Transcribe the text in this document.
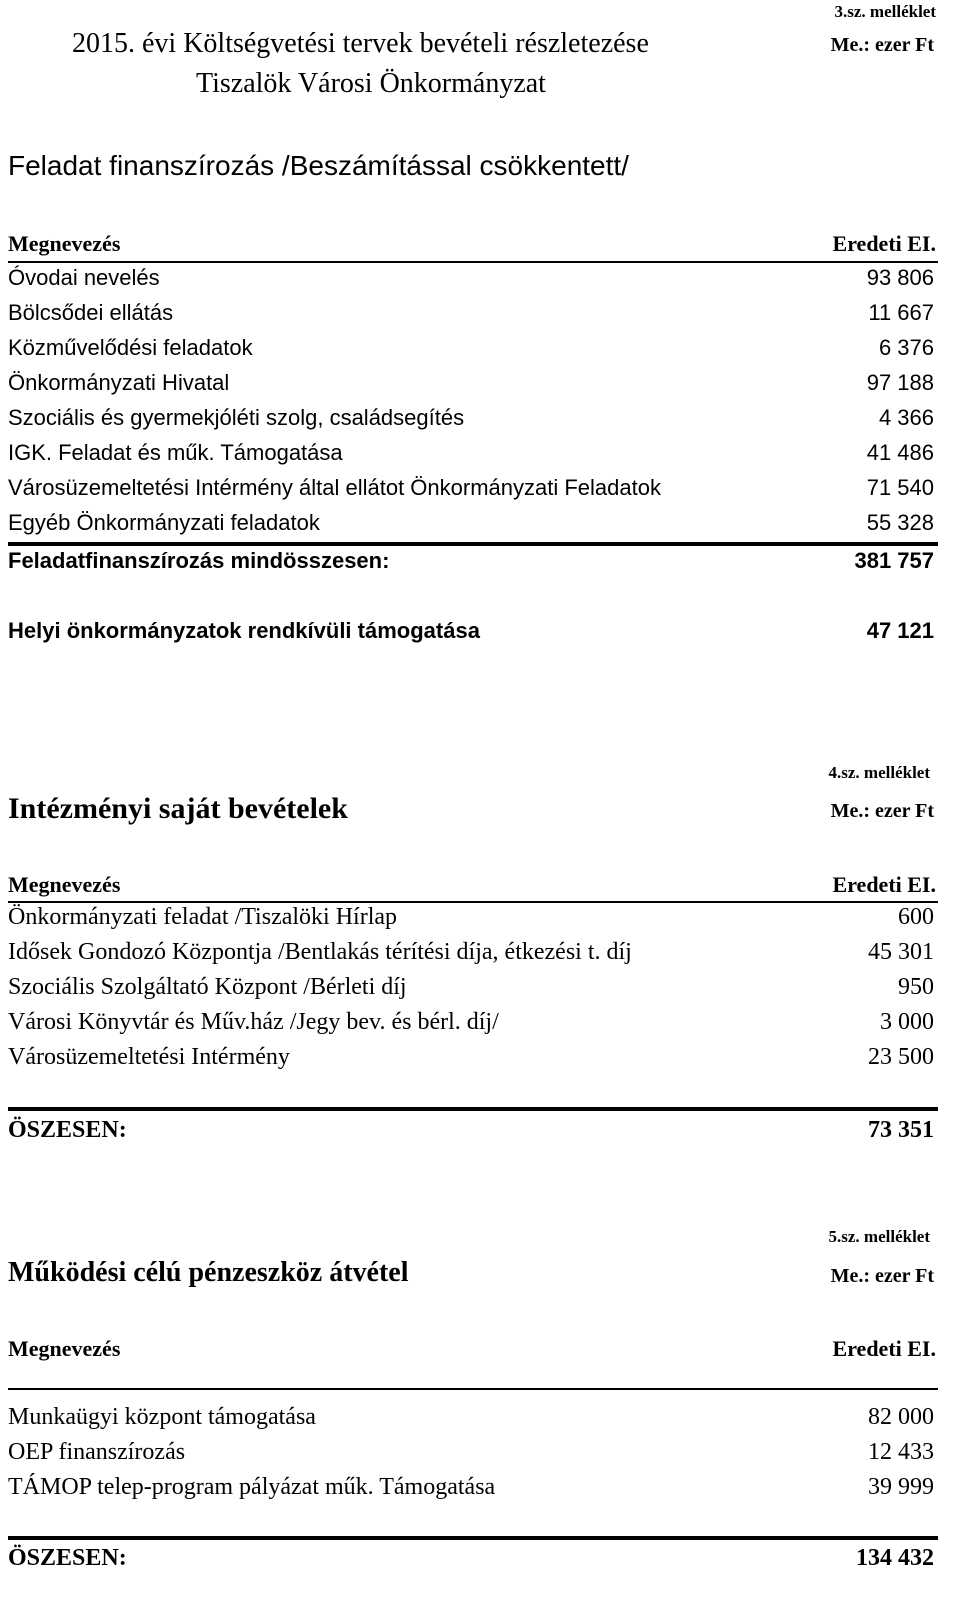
3.sz. melléklet
2015. évi Költségvetési tervek bevételi részletezése	Me.: ezer Ft
Tiszalök Városi Önkormányzat
Feladat finanszírozás /Beszámítással csökkentett/
Megnevezés	Eredeti EI.
Óvodai nevelés	93 806
Bölcsődei ellátás	11 667
Közművelődési feladatok	6 376
Önkormányzati Hivatal	97 188
Szociális és gyermekjóléti szolg, családsegítés	4 366
IGK. Feladat és műk. Támogatása	41 486
Városüzemeltetési Intérmény által ellátot Önkormányzati Feladatok	71 540
Egyéb Önkormányzati feladatok	55 328
Feladatfinanszírozás mindösszesen:	381 757
Helyi önkormányzatok rendkívüli támogatása	47 121
4.sz. melléklet
Intézményi saját bevételek	Me.: ezer Ft
Megnevezés	Eredeti EI.
Önkormányzati feladat /Tiszalöki Hírlap	600
Idősek Gondozó Központja /Bentlakás térítési díja, étkezési t. díj	45 301
Szociális Szolgáltató Központ /Bérleti díj	950
Városi Könyvtár és Műv.ház /Jegy bev. és bérl. díj/	3 000
Városüzemeltetési Intérmény	23 500
ÖSZESEN:	73 351
5.sz. melléklet
Működési célú pénzeszköz átvétel	Me.: ezer Ft
Megnevezés	Eredeti EI.
Munkaügyi központ támogatása	82 000
OEP finanszírozás	12 433
TÁMOP telep-program pályázat műk. Támogatása	39 999
ÖSZESEN:	134 432
